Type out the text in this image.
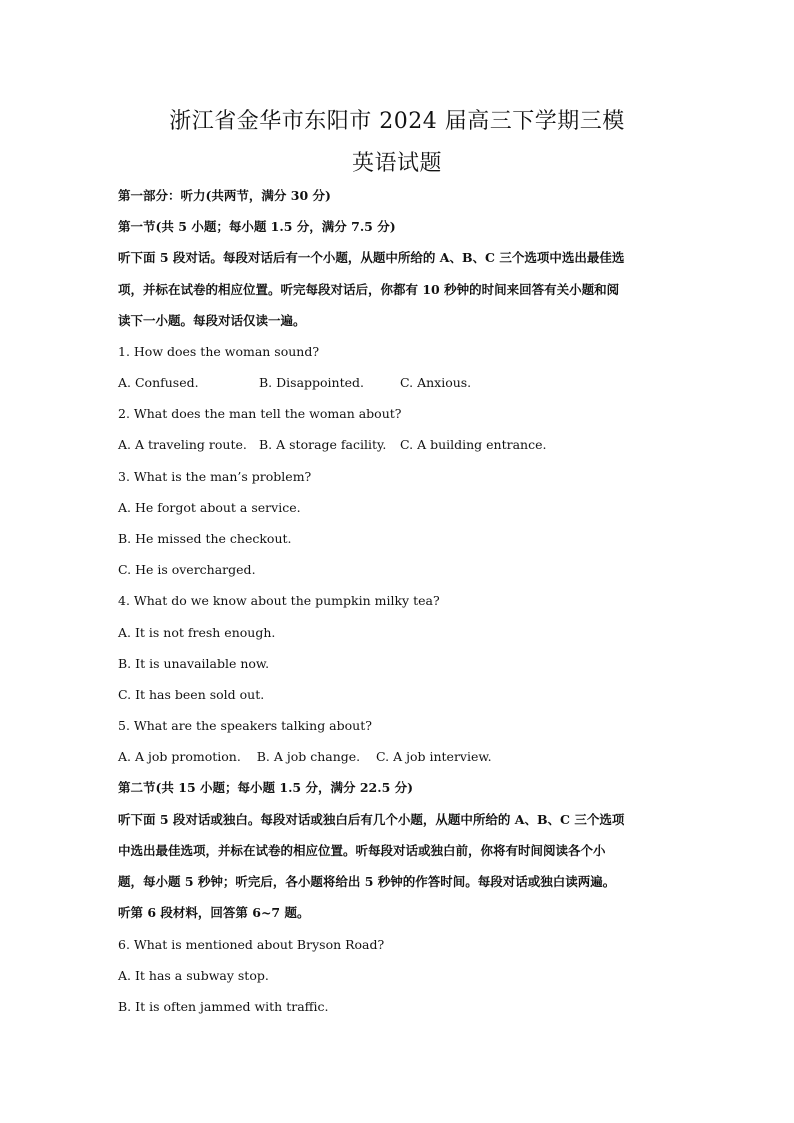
浙江省金华市东阳市 2024 届高三下学期三模
英语试题
第一部分：听力(共两节，满分 30 分)
第一节(共 5 小题；每小题 1.5 分，满分 7.5 分)
听下面 5 段对话。每段对话后有一个小题，从题中所给的 A、B、C 三个选项中选出最佳选
项，并标在试卷的相应位置。听完每段对话后，你都有 10 秒钟的时间来回答有关小题和阅
读下一小题。每段对话仅读一遍。
1. How does the woman sound?
A. Confused.	B. Disappointed.	C. Anxious.
2. What does the man tell the woman about?
A. A traveling route. B. A storage facility. C. A building entrance.
3. What is the man’s problem?
A. He forgot about a service.
B. He missed the checkout.
C. He is overcharged.
4. What do we know about the pumpkin milky tea?
A. It is not fresh enough.
B. It is unavailable now.
C. It has been sold out.
5. What are the speakers talking about?
A. A job promotion.    B. A job change.    C. A job interview.
第二节(共 15 小题；每小题 1.5 分，满分 22.5 分)
听下面 5 段对话或独白。每段对话或独白后有几个小题，从题中所给的 A、B、C 三个选项
中选出最佳选项，并标在试卷的相应位置。听每段对话或独白前，你将有时间阅读各个小
题，每小题 5 秒钟；听完后，各小题将给出 5 秒钟的作答时间。每段对话或独白读两遍。
听第 6 段材料，回答第 6~7 题。
6. What is mentioned about Bryson Road?
A. It has a subway stop.
B. It is often jammed with traffic.
